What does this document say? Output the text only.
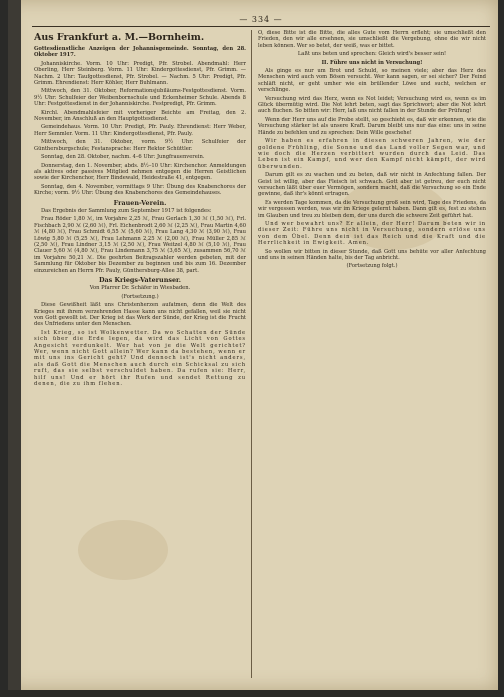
— 334 —
Aus Frankfurt a. M.—Bornheim.

Gottesdienstliche Anzeigen der Johannisgemeinde. Sonntag, den 28. Oktober 1917.

Johanniskirche. Vorm. 10 Uhr: Predigt, Pfr. Strobel. Abendmahl: Herr Oberling, Herr Steinberg. Vorm. 11 Uhr: Kindergottesdienst, Pfr. Grimm. — Nachm. 2 Uhr: Taufgottesdienst, Pfr. Strobel. — Nachm. 5 Uhr: Predigt, Pfr. Grimm. Ehrendienst: Herr Köhler, Herr Buhlmann.

Mittwoch, den 31. Oktober, Reformationsjubiläums-Festgottesdienst. Vorm. 9½ Uhr: Schulfeier der Weibenbornschule und Eckenheimer Schule. Abends 8 Uhr: Festgottesdienst in der Johanniskirche. Festpredigt, Pfr. Grimm.

Kirchl. Abendmahlsfeier mit vorheriger Beichte am Freitag, den 2. November, im Anschluß an den Hauptgottesdienst.

Gemeindehaus. Vorm. 10 Uhr: Predigt, Pfr. Pauly. Ehrendienst: Herr Weber, Herr Semmler. Vorm. 11 Uhr: Kindergottesdienst, Pfr. Pauly.

Mittwoch, den 31. Oktober, vorm. 9½ Uhr: Schulfeier der Günthersburgschule; Festansprache: Herr Rektor Schüttler.

Sonntag, den 28. Oktober, nachm. 4–6 Uhr: Jungfrauenverein.

Donnerstag, den 1. November, abds. 8½–10 Uhr: Kirchenchor. Anmeldungen als aktives oder passives Mitglied nehmen entgegen die Herren Geistlichen sowie der Kirchenchor, Herr Bindewald, Heidestraße 41, entgegen.

Sonntag, den 4. November, vormittags 9 Uhr: Übung des Knabenchores der Kirche; vorm. 9½ Uhr: Übung des Knabenchores des Gemeindehauses.

Frauen-Verein.

Das Ergebnis der Sammlung zum September 1917 ist folgendes:

Frau Röder 1,80 ℳ, im Vorjahre 2,25 ℳ, Frau Gerlach 1,30 ℳ (1,50 ℳ), Frl. Fischbach 2,90 ℳ (2,60 ℳ), Frl. Eichenbrodt 2,60 ℳ (2,25 ℳ), Frau Martin 4,60 ℳ (4,80 ℳ), Frau Schmidt 6,55 ℳ (5,60 ℳ), Frau Lang 4,30 ℳ (3,90 ℳ), Frau Löwig 5,80 ℳ (5,25 ℳ), Frau Lehmann 2,25 ℳ (2,00 ℳ), Frau Müller 2,85 ℳ (2,50 ℳ), Frau Lindner 3,15 ℳ (2,50 ℳ), Frau Weitzel 4,80 ℳ (5,10 ℳ), Frau Clauer 5,60 ℳ (4,80 ℳ), Frau Lindemann 3,75 ℳ (3,65 ℳ), zusammen 56,70 ℳ im Vorjahre 50,21 ℳ. Die geehrten Beitragszahler werden gebeten, mit der Sammlung für Oktober bis Dezember zu beginnen und bis zum 16. Dezember einzureichen an Herrn Pfr. Pauly, Günthersburg-Allee 38, part.

Das Kriegs-Vaterunser.

Von Pfarrer Dr. Schäfer in Wiesbaden.

(Fortsetzung.)

Diese Gewißheit läßt uns Christenherzen aufatmen, denn die Welt des Krieges mit ihrem verzehrenden Hasse kann uns nicht gefallen, weil sie nicht von Gott gewollt ist. Der Krieg ist das Werk der Sünde, der Krieg ist die Frucht des Unfriedens unter den Menschen.

Ist Krieg, so ist Wolkenwetter. Da wo Schatten der Sünde sich über die Erde legen, da wird das Licht von Gottes Angesicht verdunkelt. Wer hat von je die Welt gerichtet? Wer, wenn nicht Gott allein? Wer kann da bestehen, wenn er mit uns ins Gericht geht? Und dennoch ist's nicht anders, als daß Gott die Menschen auch durch ein Schicksal zu sich ruft, das sie selbst verschuldet haben. Da rufen sie: Herr, hilf uns! Und er hört ihr Rufen und sendet Rettung zu denen, die zu ihm flehen.

O, diese Bitte ist die Bitte, die alles Gute vom Herrn erfleht; sie umschließt den Frieden, den wir alle ersehnen, sie umschließt die Vergebung, ohne die wir nicht leben können. Wer so betet, der weiß, was er bittet.

Laßt uns beten und sprechen: Gleich wird's besser sein!

II. Führe uns nicht in Versuchung!

Als ginge es nur um Brot und Schuld, so meinen viele; aber das Herz des Menschen wird auch vom Bösen versucht. Wer kann sagen, er sei sicher? Der Feind schläft nicht, er geht umher wie ein brüllender Löwe und sucht, welchen er verschlinge.

Versuchung wird das Herz, wenn es Not leidet; Versuchung wird es, wenn es im Glück übermütig wird. Die Not lehrt beten, sagt das Sprichwort; aber die Not lehrt auch fluchen. So bitten wir: Herr, laß uns nicht fallen in der Stunde der Prüfung!

Wenn der Herr uns auf die Probe stellt, so geschieht es, daß wir erkennen, wie die Versuchung stärker ist als unsere Kraft. Darum bleibt uns nur das eine: uns in seine Hände zu befehlen und zu sprechen: Dein Wille geschehe!

Wir haben es erfahren in diesen schweren Jahren, wie der goldene Frühling, die Sonne und das Land voller Segen war, und wie doch die Herzen verbittert wurden durch das Leid. Das Leben ist ein Kampf, und wer den Kampf nicht kämpft, der wird überwunden.

Darum gilt es zu wachen und zu beten, daß wir nicht in Anfechtung fallen. Der Geist ist willig, aber das Fleisch ist schwach. Gott aber ist getreu, der euch nicht versuchen läßt über euer Vermögen, sondern macht, daß die Versuchung so ein Ende gewinne, daß ihr's könnt ertragen.

Es werden Tage kommen, da die Versuchung groß sein wird, Tage des Friedens, da wir vergessen werden, was wir im Kriege gelernt haben. Dann gilt es, fest zu stehen im Glauben und treu zu bleiben dem, der uns durch die schwere Zeit geführt hat.

Und wer bewahrt uns? Er allein, der Herr! Darum beten wir in dieser Zeit: Führe uns nicht in Versuchung, sondern erlöse uns von dem Übel. Denn dein ist das Reich und die Kraft und die Herrlichkeit in Ewigkeit. Amen.

So wollen wir bitten in dieser Stunde, daß Gott uns behüte vor aller Anfechtung und uns in seinen Händen halte, bis der Tag anbricht.

(Fortsetzung folgt.)
